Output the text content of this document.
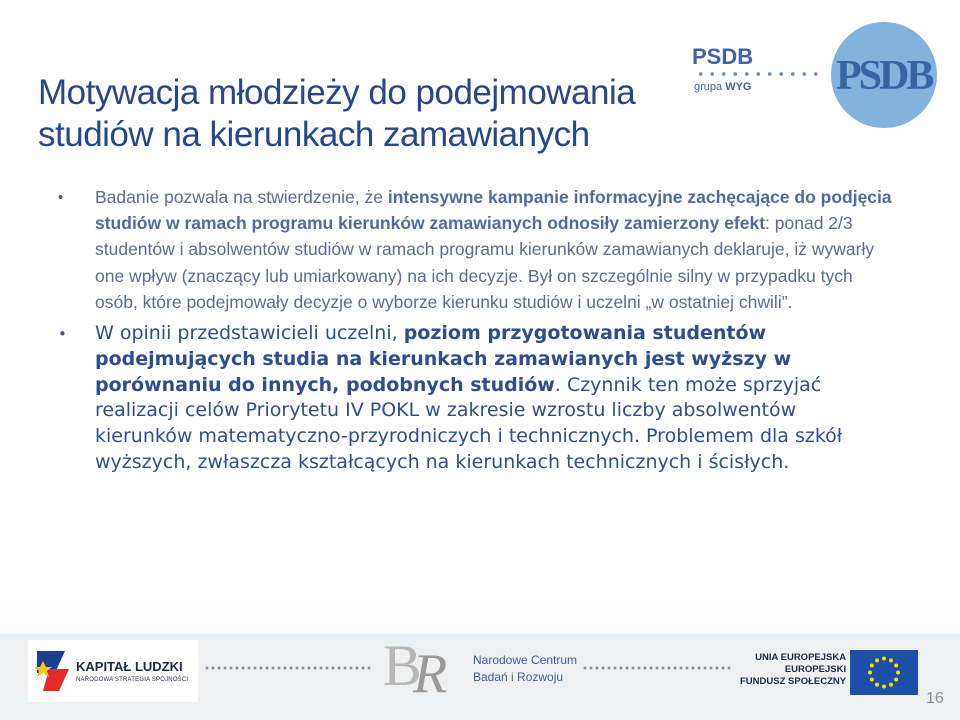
Motywacja młodzieży do podejmowania
studiów na kierunkach zamawianych
PSDB
grupa WYG PSDB
• Badanie pozwala na stwierdzenie, że intensywne kampanie informacyjne zachęcające do podjęcia studiów w ramach programu kierunków zamawianych odnosiły zamierzony efekt: ponad 2/3 studentów i absolwentów studiów w ramach programu kierunków zamawianych deklaruje, iż wywarły one wpływ (znaczący lub umiarkowany) na ich decyzje. Był on szczególnie silny w przypadku tych osób, które podejmowały decyzje o wyborze kierunku studiów i uczelni „w ostatniej chwili”.
• W opinii przedstawicieli uczelni, poziom przygotowania studentów podejmujących studia na kierunkach zamawianych jest wyższy w porównaniu do innych, podobnych studiów. Czynnik ten może sprzyjać realizacji celów Priorytetu IV POKL w zakresie wzrostu liczby absolwentów kierunków matematyczno-przyrodniczych i technicznych. Problemem dla szkół wyższych, zwłaszcza kształcących na kierunkach technicznych i ścisłych.
KAPITAŁ LUDZKI
NARODOWA STRATEGIA SPÓJNOŚCI	B
R Narodowe Centrum
Badań i Rozwoju
UNIA EUROPEJSKA
EUROPEJSKI
FUNDUSZ SPOŁECZNY
16
